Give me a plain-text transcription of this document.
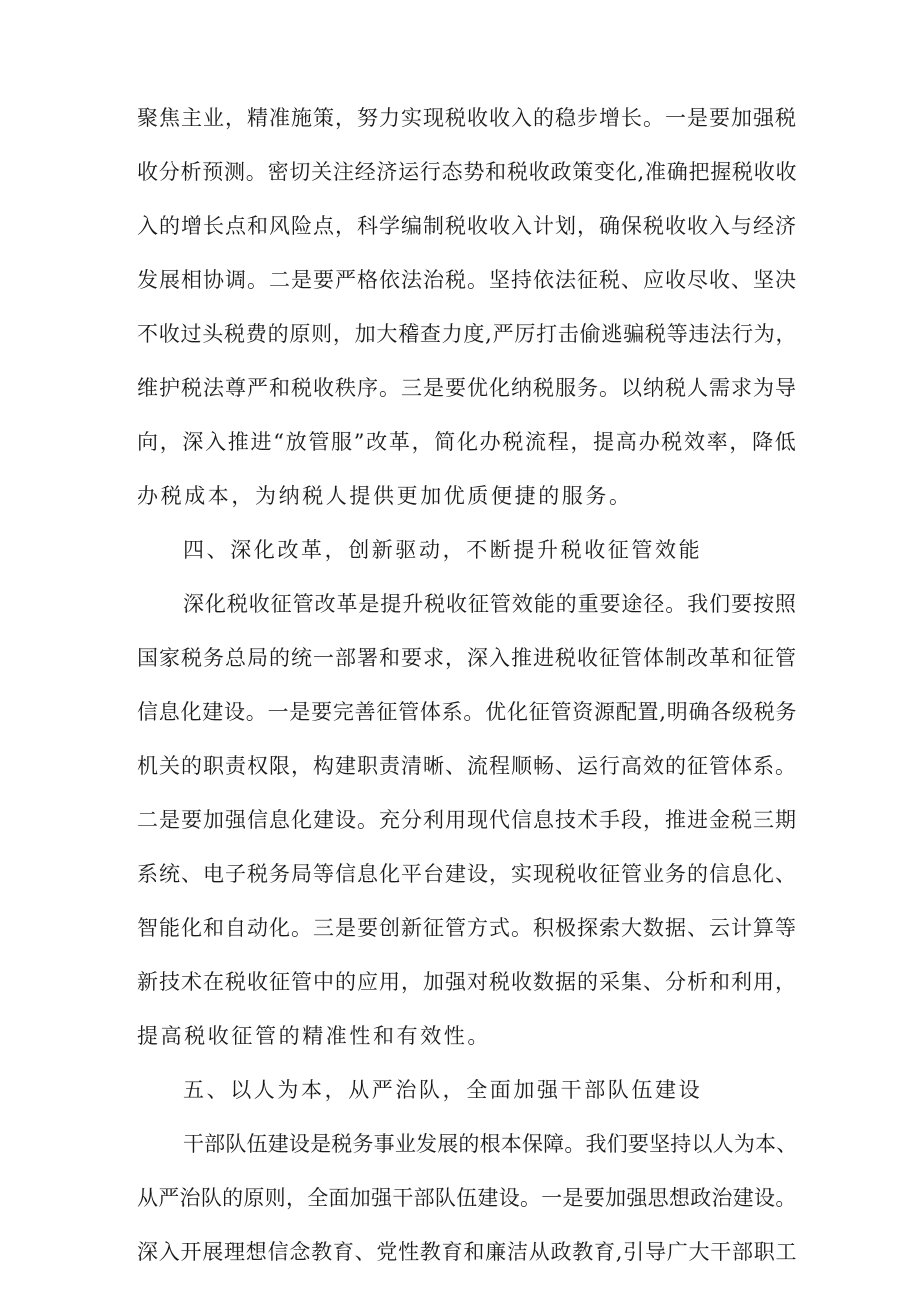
聚焦主业，精准施策，努力实现税收收入的稳步增长。一是要加强税
收分析预测。密切关注经济运行态势和税收政策变化,准确把握税收收
入的增长点和风险点，科学编制税收收入计划，确保税收收入与经济
发展相协调。二是要严格依法治税。坚持依法征税、应收尽收、坚决
不收过头税费的原则，加大稽查力度,严厉打击偷逃骗税等违法行为，
维护税法尊严和税收秩序。三是要优化纳税服务。以纳税人需求为导
向，深入推进“放管服”改革，简化办税流程，提高办税效率，降低
办税成本，为纳税人提供更加优质便捷的服务。
四、深化改革，创新驱动，不断提升税收征管效能
深化税收征管改革是提升税收征管效能的重要途径。我们要按照
国家税务总局的统一部署和要求，深入推进税收征管体制改革和征管
信息化建设。一是要完善征管体系。优化征管资源配置,明确各级税务
机关的职责权限，构建职责清晰、流程顺畅、运行高效的征管体系。
二是要加强信息化建设。充分利用现代信息技术手段，推进金税三期
系统、电子税务局等信息化平台建设，实现税收征管业务的信息化、
智能化和自动化。三是要创新征管方式。积极探索大数据、云计算等
新技术在税收征管中的应用，加强对税收数据的采集、分析和利用，
提高税收征管的精准性和有效性。
五、以人为本，从严治队，全面加强干部队伍建设
干部队伍建设是税务事业发展的根本保障。我们要坚持以人为本、
从严治队的原则，全面加强干部队伍建设。一是要加强思想政治建设。
深入开展理想信念教育、党性教育和廉洁从政教育,引导广大干部职工
